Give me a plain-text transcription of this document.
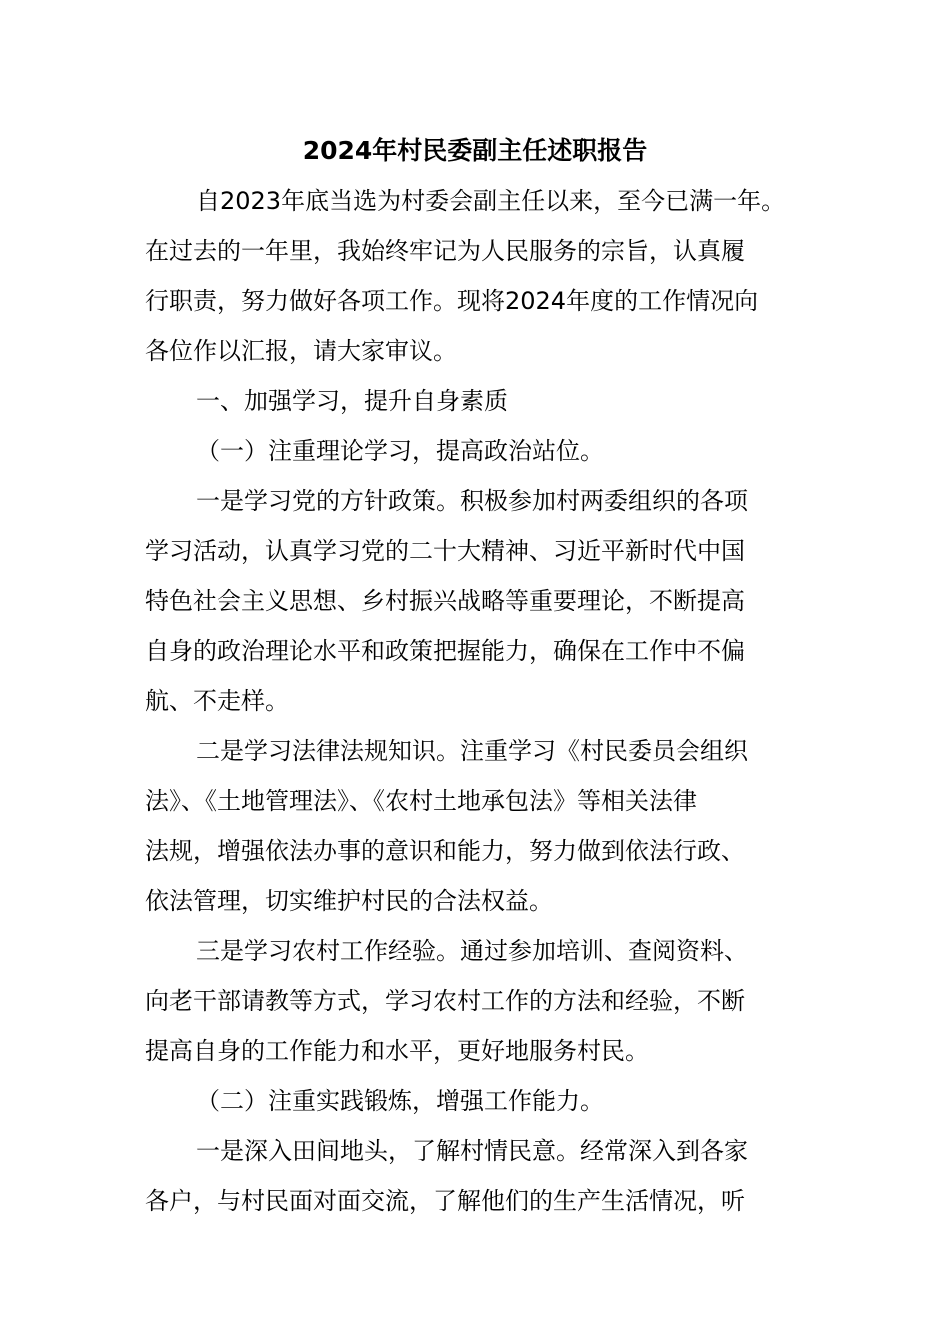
2024年村民委副主任述职报告

自2023年底当选为村委会副主任以来，至今已满一年。

在过去的一年里，我始终牢记为人民服务的宗旨，认真履

行职责，努力做好各项工作。现将2024年度的工作情况向

各位作以汇报，请大家审议。

一、加强学习，提升自身素质

（一）注重理论学习，提高政治站位。

一是学习党的方针政策。积极参加村两委组织的各项

学习活动，认真学习党的二十大精神、习近平新时代中国

特色社会主义思想、乡村振兴战略等重要理论，不断提高

自身的政治理论水平和政策把握能力，确保在工作中不偏

航、不走样。

二是学习法律法规知识。注重学习《村民委员会组织

法》、《土地管理法》、《农村土地承包法》等相关法律

法规，增强依法办事的意识和能力，努力做到依法行政、

依法管理，切实维护村民的合法权益。

三是学习农村工作经验。通过参加培训、查阅资料、

向老干部请教等方式，学习农村工作的方法和经验，不断

提高自身的工作能力和水平，更好地服务村民。

（二）注重实践锻炼，增强工作能力。

一是深入田间地头，了解村情民意。经常深入到各家

各户，与村民面对面交流，了解他们的生产生活情况，听
